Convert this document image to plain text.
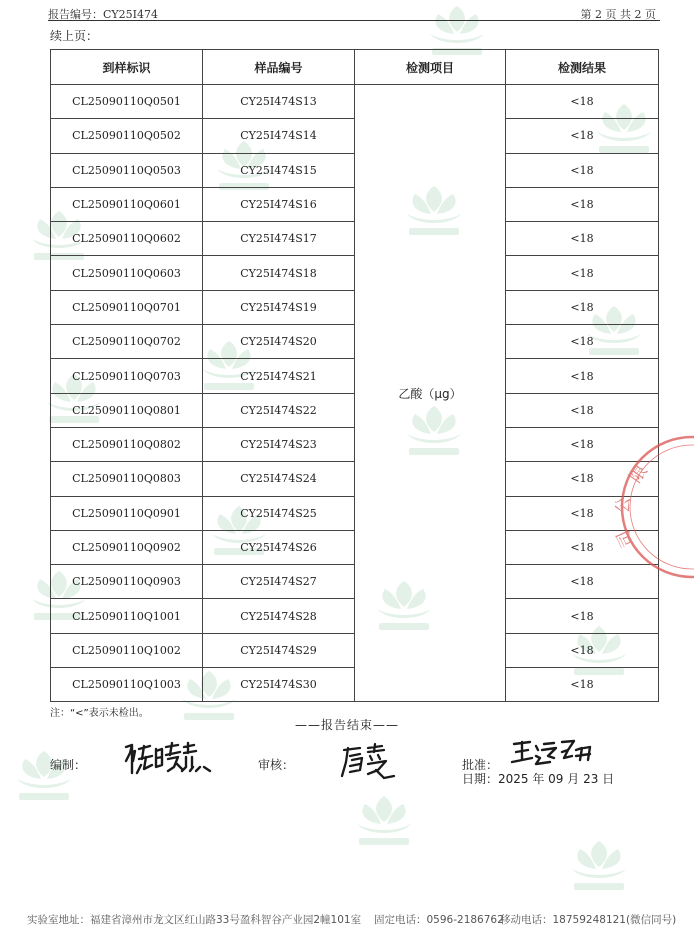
报告编号：CY25I474	第 2 页 共 2 页
续上页：
到样标识	样品编号	检测项目	检测结果
CL25090110Q0501	CY25I474S13	乙酸（μg）	<18
CL25090110Q0502	CY25I474S14		<18
CL25090110Q0503	CY25I474S15		<18
CL25090110Q0601	CY25I474S16		<18
CL25090110Q0602	CY25I474S17		<18
CL25090110Q0603	CY25I474S18		<18
CL25090110Q0701	CY25I474S19		<18
CL25090110Q0702	CY25I474S20		<18
CL25090110Q0703	CY25I474S21		<18
CL25090110Q0801	CY25I474S22		<18
CL25090110Q0802	CY25I474S23		<18
CL25090110Q0803	CY25I474S24		<18
CL25090110Q0901	CY25I474S25		<18
CL25090110Q0902	CY25I474S26		<18
CL25090110Q0903	CY25I474S27		<18
CL25090110Q1001	CY25I474S28		<18
CL25090110Q1002	CY25I474S29		<18
CL25090110Q1003	CY25I474S30		<18
注：“<”表示未检出。
——报告结束——
编制：	审核：	批准：
日期：2025 年 09 月 23 日
限
公
司
实验室地址：福建省漳州市龙文区红山路33号盈科智谷产业园2幢101室 固定电话：0596-2186762
移动电话：18759248121(微信同号)
